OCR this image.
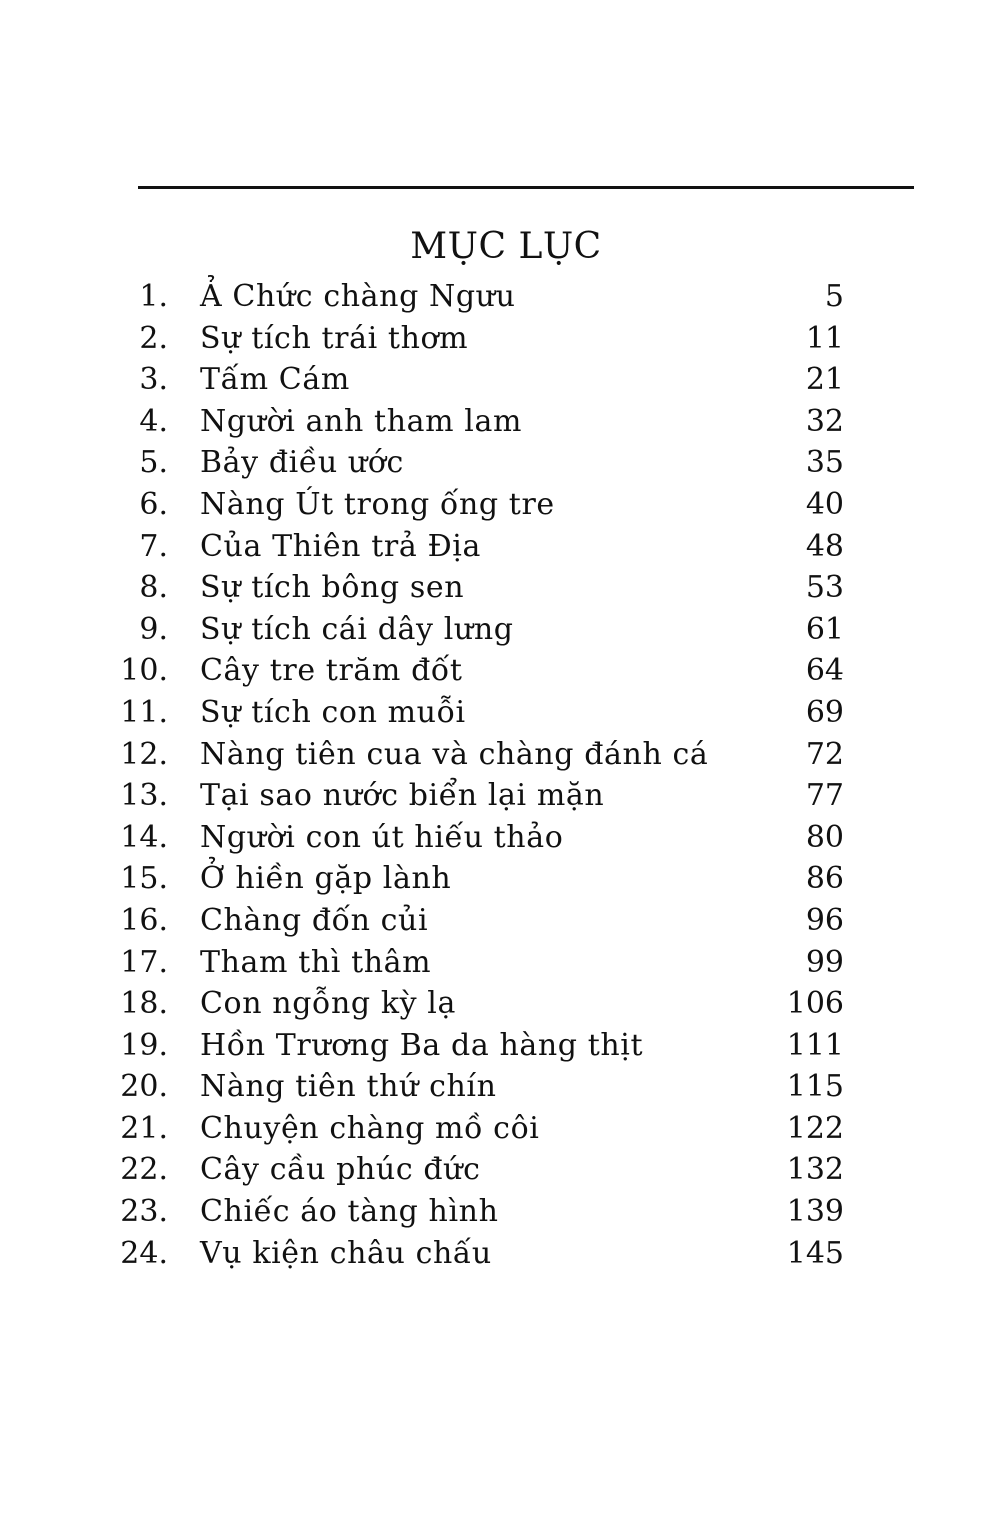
MỤC LỤC
1. Ả Chức chàng Ngưu	5
2. Sự tích trái thơm	11
3. Tấm Cám	21
4. Người anh tham lam	32
5. Bảy điều ước	35
6. Nàng Út trong ống tre	40
7. Của Thiên trả Địa	48
8. Sự tích bông sen	53
9. Sự tích cái dây lưng	61
10. Cây tre trăm đốt	64
11. Sự tích con muỗi	69
12. Nàng tiên cua và chàng đánh cá	72
13. Tại sao nước biển lại mặn	77
14. Người con út hiếu thảo	80
15. Ở hiền gặp lành	86
16. Chàng đốn củi	96
17. Tham thì thâm	99
18. Con ngỗng kỳ lạ	106
19. Hồn Trương Ba da hàng thịt	111
20. Nàng tiên thứ chín	115
21. Chuyện chàng mồ côi	122
22. Cây cầu phúc đức	132
23. Chiếc áo tàng hình	139
24. Vụ kiện châu chấu	145
